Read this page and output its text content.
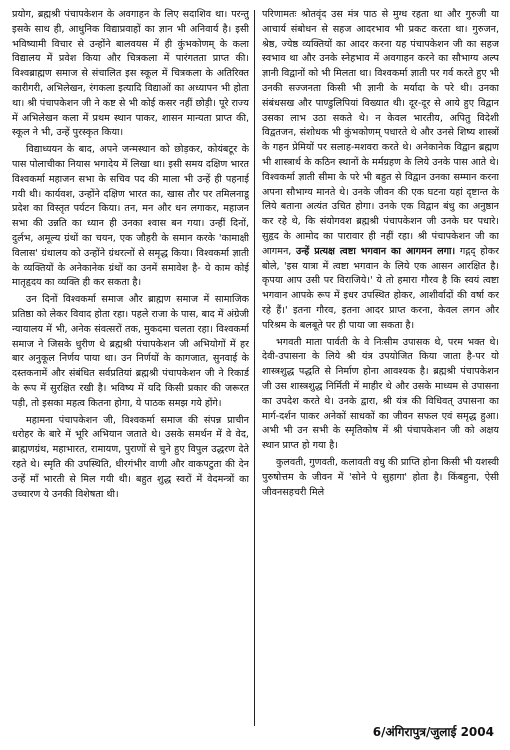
प्रयोग, ब्रह्मश्री पंचापकेशन के अवगाहन के लिए सदाशिव था। परन्तु इसके साथ ही, आधुनिक विद्याप्रवाहों का ज्ञान भी अनिवार्य है। इसी भविष्यामी विचार से उन्होंने बालवयस में ही कुंभकोणम् के कला विद्यालय में प्रवेश किया और चित्रकला में पारंगतता प्राप्त की। विश्वब्राह्मण समाज से संचालित इस स्कूल में चित्रकला के अतिरिक्त कारीगरी, अभिलेखन, रंगकला इत्यादि विद्याओं का अध्यापन भी होता था। श्री पंचापकेशन जी ने कष्ट से भी कोई कसर नहीं छोड़ी। पूरे राज्य में अभिलेखन कला में प्रथम स्थान पाकर, शासन मान्यता प्राप्त की, स्कूल ने भी, उन्हें पुरस्कृत किया।

विद्याध्ययन के बाद, अपने जन्मस्थान को छोड़कर, कोयंबटूर के पास पोलाचीका नियास भगादेय में लिखा था। इसी समय दक्षिण भारत विश्वकर्मा महाजन सभा के सचिव पद की माला भी उन्हें ही पहनाई गयी थी। कार्यवश, उन्होंने दक्षिण भारत का, खास तौर पर तमिलनाडू प्रदेश का विस्तृत पर्यटन किया। तन, मन और धन लगाकर, महाजन सभा की उन्नति का ध्यान ही उनका श्वास बन गया। उन्हीं दिनों, दुर्लभ, अमूल्य ग्रंथों का चयन, एक जौहरी के समान करके 'कामाक्षी विलास' ग्रंथालय को उन्होंने ग्रंथरत्नों से समृद्ध किया। विश्वकर्मा ज्ञाती के व्यक्तियों के अनेकानेक ग्रंथों का उनमें समावेश है- ये काम कोई मातृहृदय का व्यक्ति ही कर सकता है।

उन दिनों विश्वकर्मा समाज और ब्राह्मण समाज में सामाजिक प्रतिष्ठा को लेकर विवाद होता रहा। पहले राजा के पास, बाद में अंग्रेजी न्यायालय में भी, अनेक संवत्सरों तक, मुकदमा चलता रहा। विश्वकर्मा समाज ने जिसके धुरीण थे ब्रह्मश्री पंचापकेशन जी अभियोगों में हर बार अनुकूल निर्णय पाया था। उन निर्णयों के कागजात, सुनवाई के दस्तकनामें और संबंधित सर्वप्रतियां ब्रह्मश्री पंचापकेशन जी ने रिकार्ड के रूप में सुरक्षित रखी है। भविष्य में यदि किसी प्रकार की जरूरत पड़ी, तो इसका महत्व कितना होगा, ये पाठक समझ गये होंगे।

महामना पंचापकेशन जी, विश्वकर्मा समाज की संपन्न प्राचीन धरोहर के बारे में भूरि अभियान जताते थे। उसके समर्थन में वे वेद, ब्राह्मणग्रंथ, महाभारत, रामायण, पुराणों से चुने हुए विपुल उद्धरण देते रहते थे। स्मृति की उपस्थिति, धीरगंभीर वाणी और वाकपटुता की देन उन्हें माँ भारती से मिल गयी थी। बहुत शुद्ध स्वरों में वेदमन्त्रों का उच्चारण ये उनकी विशेषता थी।

परिणामतः श्रोतवृंद उस मंत्र पाठ से मुग्ध रहता था और गुरुजी या आचार्य संबोधन से सहज आदरभाव भी प्रकट करता था। गुरुजन, श्रेष्ठ, ज्येष्ठ व्यक्तियों का आदर करना यह पंचापकेशन जी का सहज स्वभाव था और उनके स्नेहभाव में अवगाहन करने का सौभाग्य अल्प ज्ञानी विद्वानों को भी मिलता था। विश्वकर्मा ज्ञाती पर गर्व करते हुए भी उनकी सज्जनता किसी भी ज्ञानी के मर्यादा के परे थी। उनका संबंधसख और पाण्डुलिपियां विख्यात थी। दूर-दूर से आये हुए विद्वान उसका लाभ उठा सकते थे। न केवल भारतीय, अपितु विदेशी विद्वतजन, संशोधक भी कुंभकोणम् पधारते थे और उनसे शिष्य शास्त्रों के गहन प्रेमियों पर सलाह-मशवरा करते थे। अनेकानेक विद्वान ब्रह्मण भी शास्त्रार्थ के कठिन स्थानों के मर्मग्रहण के लिये उनके पास आते थे। विश्वकर्मा ज्ञाती सीमा के परे भी बहुत से विद्वान उनका सम्मान करना अपना सौभाग्य मानते थे। उनके जीवन की एक घटना यहां दृष्टान्त के लिये बताना अत्यंत उचित होगा। उनके एक विद्वान बंधु का अनुष्ठान कर रहे थे, कि संयोगवश ब्रह्मश्री पंचापकेशन जी उनके घर पधारे। सुहृद के आमोद का पारावार ही नहीं रहा। श्री पंचापकेशन जी का आगमन, उन्हें प्रत्यक्ष त्वष्टा भगवान का आगमन लगा। गद्गद् होकर बोले, 'इस यात्रा में त्वष्टा भगवान के लिये एक आसन आरक्षित है। कृपया आप उसी पर विराजिये।' ये तो हमारा गौरव है कि स्वयं त्वष्टा भगवान आपके रूप में इधर उपस्थित होकर, आशीर्वादों की वर्षा कर रहे हैं।' इतना गौरव, इतना आदर प्राप्त करना, केवल लगन और परिश्रम के बलबूते पर ही पाया जा सकता है।

भगवती माता पार्वती के वे निःसीम उपासक थे, परम भक्त थे। देवी-उपासना के लिये श्री यंत्र उपयोजित किया जाता है-पर यो शास्त्रशुद्ध पद्धति से निर्माण होना आवश्यक है। ब्रह्मश्री पंचापकेशन जी उस शास्त्रशुद्ध निर्मिती में माहीर थे और उसके माध्यम से उपासना का उपदेश करते थे। उनके द्वारा, श्री यंत्र की विधिवत् उपासना का मार्ग-दर्शन पाकर अनेकों साधकों का जीवन सफल एवं समृद्ध हुआ। अभी भी उन सभी के स्मृतिकोष में श्री पंचापकेशन जी को अक्षय स्थान प्राप्त हो गया है।

कुलवती, गुणवती, कलावती वधु की प्राप्ति होना किसी भी यशस्वी पुरुषोत्तम के जीवन में 'सोने पे सुहागा' होता है। किंबहुना, ऐसी जीवनसहचरी मिले

6/अंगिरापुत्र/जुलाई 2004
